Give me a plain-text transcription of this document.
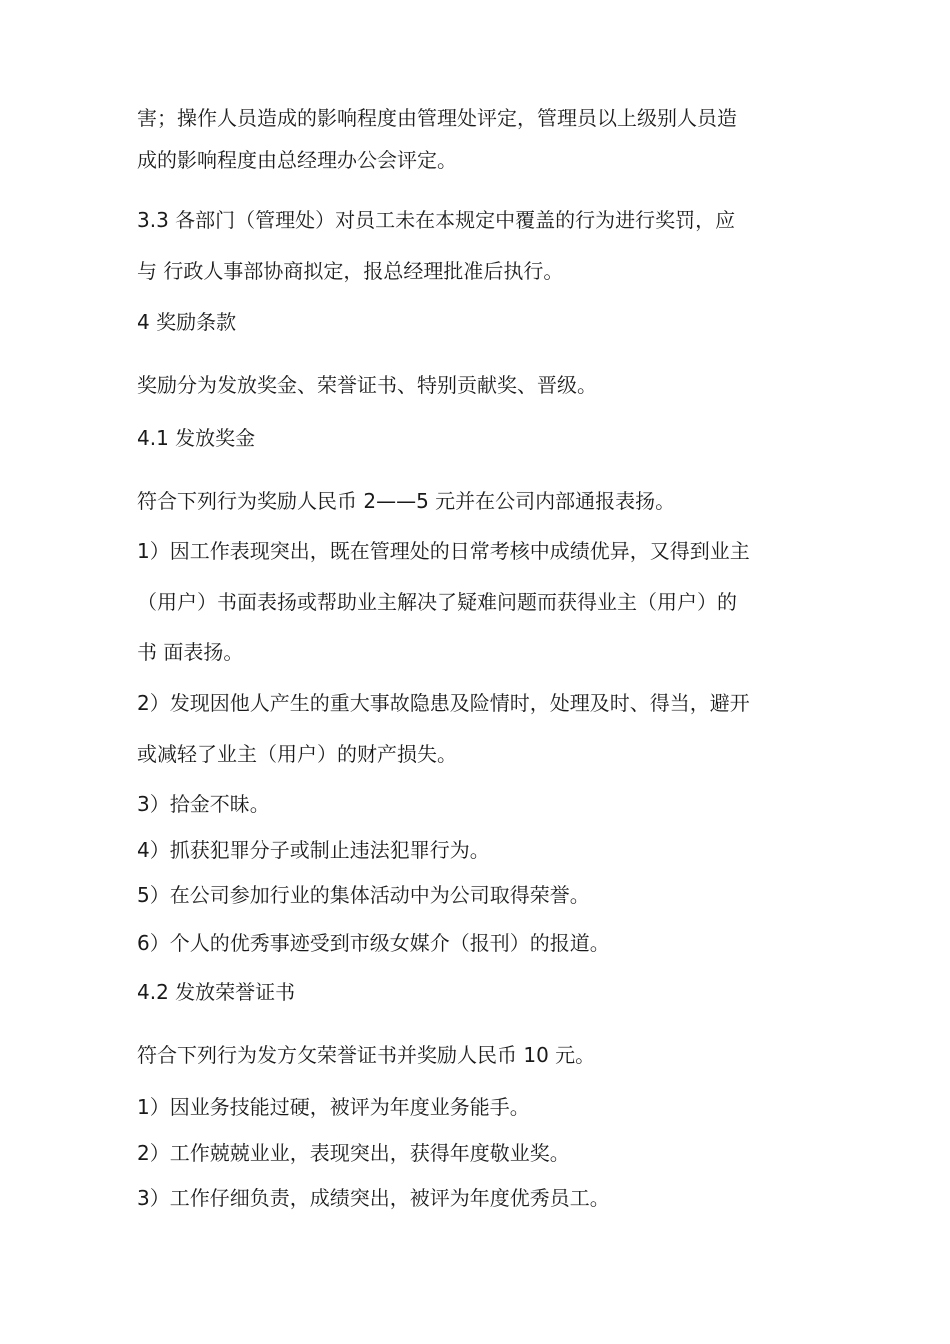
害；操作人员造成的影响程度由管理处评定，管理员以上级别人员造
成的影响程度由总经理办公会评定。
3.3 各部门（管理处）对员工未在本规定中覆盖的行为进行奖罚，应
与 行政人事部协商拟定，报总经理批准后执行。
4 奖励条款
奖励分为发放奖金、荣誉证书、特别贡献奖、晋级。
4.1 发放奖金
符合下列行为奖励人民币 2——5 元并在公司内部通报表扬。
1）因工作表现突出，既在管理处的日常考核中成绩优异，又得到业主
（用户）书面表扬或帮助业主解决了疑难问题而获得业主（用户）的
书 面表扬。
2）发现因他人产生的重大事故隐患及险情时，处理及时、得当，避开
或减轻了业主（用户）的财产损失。
3）拾金不昧。
4）抓获犯罪分子或制止违法犯罪行为。
5）在公司参加行业的集体活动中为公司取得荣誉。
6）个人的优秀事迹受到市级女媒介（报刊）的报道。
4.2 发放荣誉证书
符合下列行为发方攵荣誉证书并奖励人民币 10 元。
1）因业务技能过硬，被评为年度业务能手。
2）工作兢兢业业，表现突出，获得年度敬业奖。
3）工作仔细负责，成绩突出，被评为年度优秀员工。
